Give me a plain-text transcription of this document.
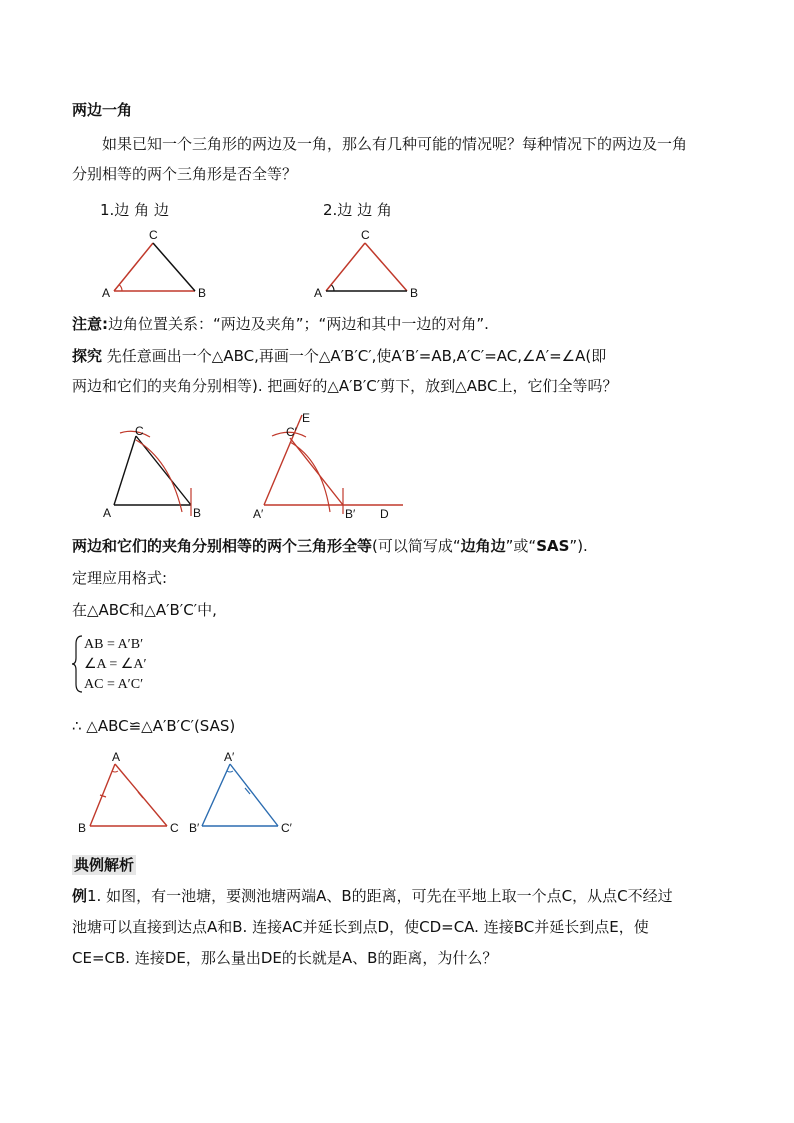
两边一角
如果已知一个三角形的两边及一角，那么有几种可能的情况呢？每种情况下的两边及一角
分别相等的两个三角形是否全等？
1.边 角 边	2.边 边 角
A	B
C
A	B
C
注意:边角位置关系：“两边及夹角”；“两边和其中一边的对角”.
探究 先任意画出一个△ABC,再画一个△A′B′C′,使A′B′=AB,A′C′=AC,∠A′=∠A(即
两边和它们的夹角分别相等). 把画好的△A′B′C′剪下，放到△ABC上，它们全等吗？
A	B
C
A′	B′ D
C′
E
两边和它们的夹角分别相等的两个三角形全等(可以简写成“边角边”或“SAS”).
定理应用格式:
在△ABC和△A′B′C′中,
AB = A′B′
∠A = ∠A′
AC = A′C′
∴ △ABC≌△A′B′C′(SAS)
A
B	C
A′
B′	C′
典例解析
例1. 如图，有一池塘，要测池塘两端A、B的距离，可先在平地上取一个点C，从点C不经过
池塘可以直接到达点A和B. 连接AC并延长到点D，使CD=CA. 连接BC并延长到点E，使
CE=CB. 连接DE，那么量出DE的长就是A、B的距离，为什么？
